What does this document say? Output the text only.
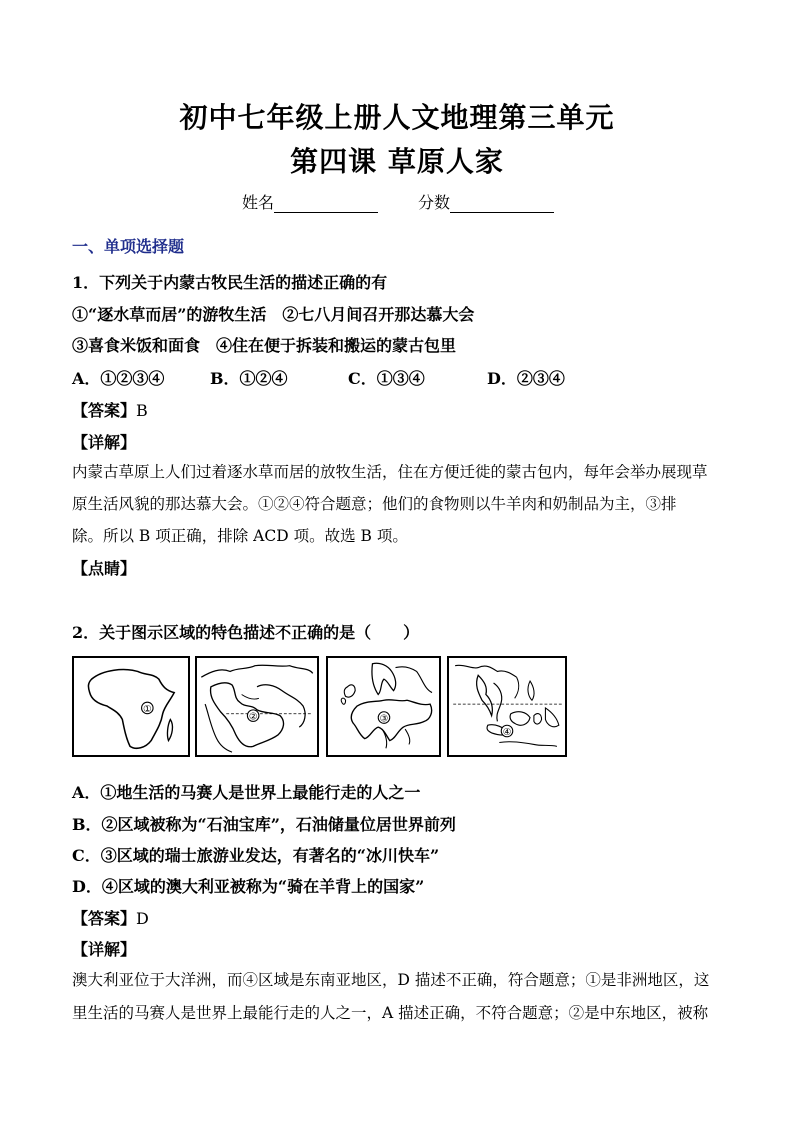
初中七年级上册人文地理第三单元
第四课 草原人家
姓名	分数
一、单项选择题
1．下列关于内蒙古牧民生活的描述正确的有
①“逐水草而居”的游牧生活　②七八月间召开那达慕大会
③喜食米饭和面食　④住在便于拆装和搬运的蒙古包里
A．①②③④	B．①②④	C．①③④	D．②③④
【答案】B
【详解】
内蒙古草原上人们过着逐水草而居的放牧生活，住在方便迁徙的蒙古包内，每年会举办展现草
原生活风貌的那达慕大会。①②④符合题意；他们的食物则以牛羊肉和奶制品为主，③排
除。所以 B 项正确，排除 ACD 项。故选 B 项。
【点睛】
2．关于图示区域的特色描述不正确的是（　　）
①
②	③
④
A．①地生活的马赛人是世界上最能行走的人之一
B．②区域被称为“石油宝库”，石油储量位居世界前列
C．③区域的瑞士旅游业发达，有著名的“冰川快车”
D．④区域的澳大利亚被称为“骑在羊背上的国家”
【答案】D
【详解】
澳大利亚位于大洋洲，而④区域是东南亚地区，D 描述不正确，符合题意；①是非洲地区，这
里生活的马赛人是世界上最能行走的人之一，A 描述正确，不符合题意；②是中东地区，被称
